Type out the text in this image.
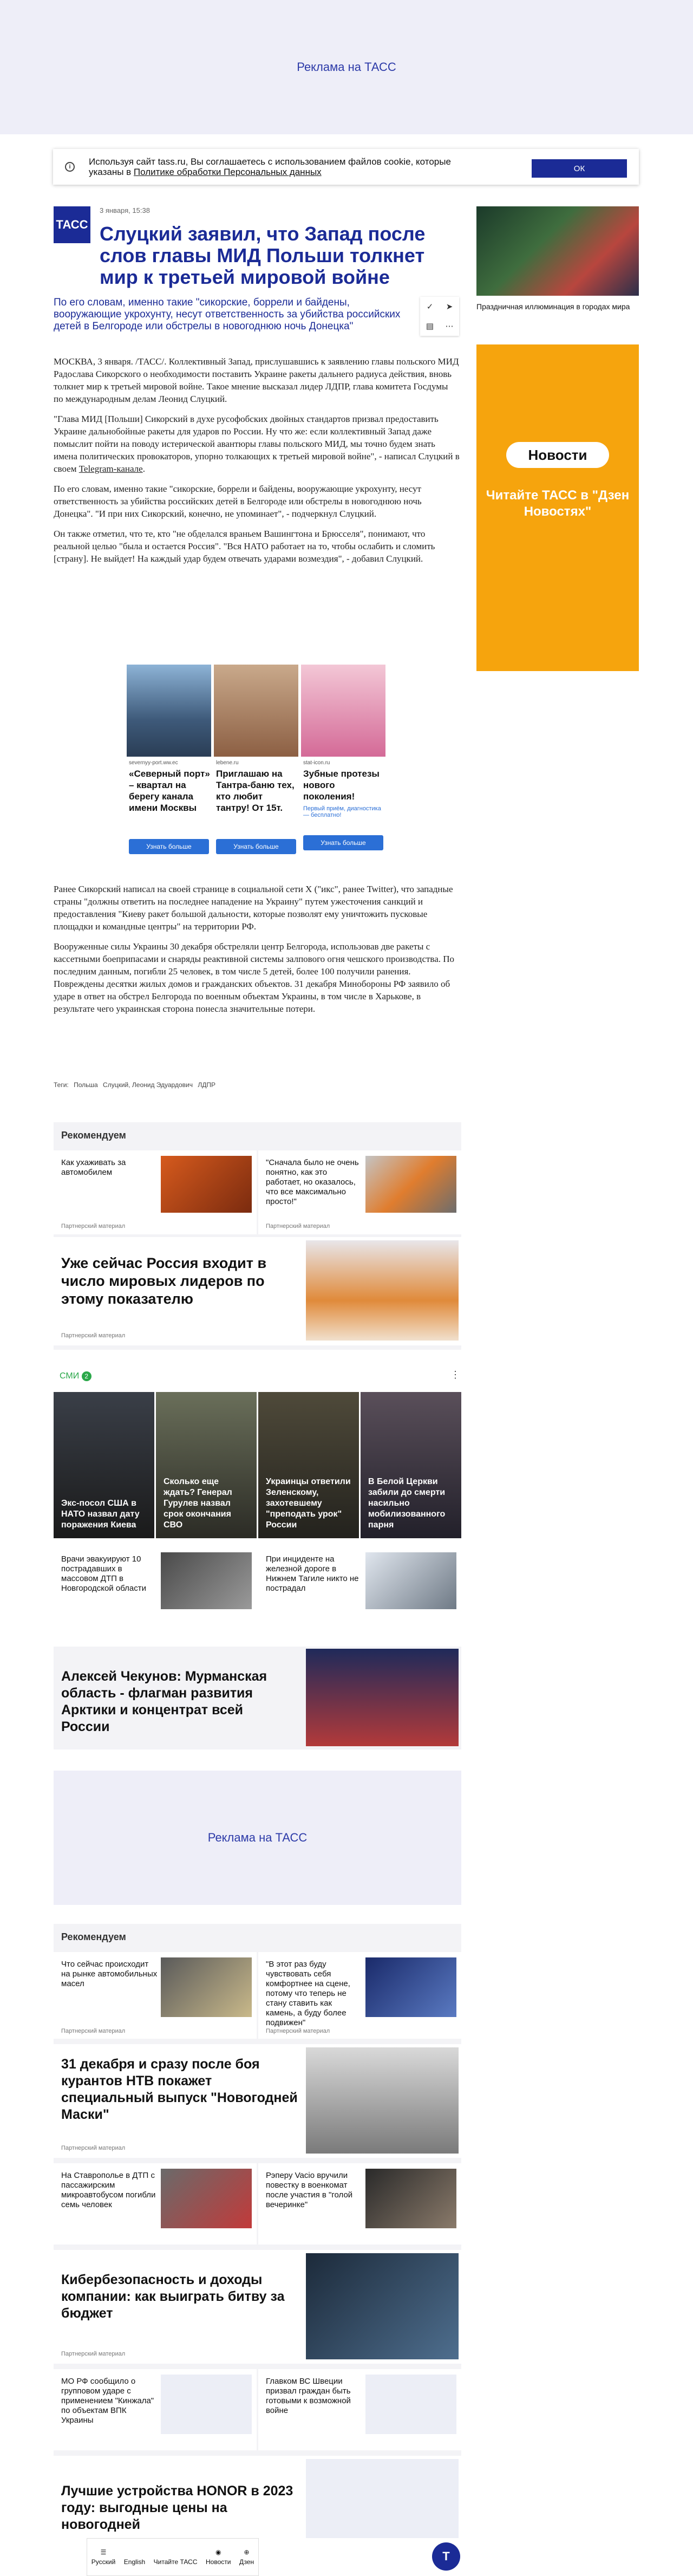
Реклама на ТАСС
i	Используя сайт tass.ru, Вы соглашаетесь с использованием файлов cookie, которые указаны в Политике обработки Персональных данных	ОК
ТАСС
3 января, 15:38
Слуцкий заявил, что Запад после слов главы МИД Польши толкнет мир к третьей мировой войне
✓ ➤
▤ ⋯
По его словам, именно такие "сикорские, боррели и байдены, вооружающие укрохунту, несут ответственность за убийства российских детей в Белгороде или обстрелы в новогоднюю ночь Донецка"

МОСКВА, 3 января. /ТАСС/. Коллективный Запад, прислушавшись к заявлению главы польского МИД Радослава Сикорского о необходимости поставить Украине ракеты дальнего радиуса действия, вновь толкнет мир к третьей мировой войне. Такое мнение высказал лидер ЛДПР, глава комитета Госдумы по международным делам Леонид Слуцкий.

"Глава МИД [Польши] Сикорский в духе русофобских двойных стандартов призвал предоставить Украине дальнобойные ракеты для ударов по России. Ну что же: если коллективный Запад даже помыслит пойти на поводу истерической авантюры главы польского МИД, мы точно будем знать имена политических провокаторов, упорно толкающих к третьей мировой войне", - написал Слуцкий в своем Telegram-канале.

По его словам, именно такие "сикорские, боррели и байдены, вооружающие укрохунту, несут ответственность за убийства российских детей в Белгороде или обстрелы в новогоднюю ночь Донецка". "И при них Сикорский, конечно, не упоминает", - подчеркнул Слуцкий.

Он также отметил, что те, кто "не обделался враньем Вашингтона и Брюсселя", понимают, что реальной целью "была и остается Россия". "Вся НАТО работает на то, чтобы ослабить и сломить [страну]. Не выйдет! На каждый удар будем отвечать ударами возмездия", - добавил Слуцкий.

Праздничная иллюминация в городах мира
Новости
Читайте ТАСС в "Дзен Новостях"
severnyy-port.ww.ec
«Северный порт» – квартал на берегу канала имени Москвы
Узнать больше
lebenе.ru
Приглашаю на Тантра-баню тех, кто любит тантру! От 15т.
Узнать больше
stat-icon.ru
Зубные протезы нового поколения!
Первый приём, диагностика — бесплатно!
Узнать больше

Ранее Сикорский написал на своей странице в социальной сети X ("икс", ранее Twitter), что западные страны "должны ответить на последнее нападение на Украину" путем ужесточения санкций и предоставления "Киеву ракет большой дальности, которые позволят ему уничтожить пусковые площадки и командные центры" на территории РФ.

Вооруженные силы Украины 30 декабря обстреляли центр Белгорода, использовав две ракеты с кассетными боеприпасами и снаряды реактивной системы залпового огня чешского производства. По последним данным, погибли 25 человек, в том числе 5 детей, более 100 получили ранения. Повреждены десятки жилых домов и гражданских объектов. 31 декабря Минобороны РФ заявило об ударе в ответ на обстрел Белгорода по военным объектам Украины, в том числе в Харькове, в результате чего украинская сторона понесла значительные потери.

Теги: Польша Слуцкий, Леонид Эдуардович ЛДПР
Рекомендуем
Как ухаживать за автомобилем
Партнерский материал
"Сначала было не очень понятно, как это работает, но оказалось, что все максимально просто!"
Партнерский материал
Уже сейчас Россия входит в число мировых лидеров по этому показателю
Партнерский материал
СМИ 2	⋮
Экс-посол США в НАТО назвал дату поражения Киева
Сколько еще ждать? Генерал Гурулев назвал срок окончания СВО
Украинцы ответили Зеленскому, захотевшему "преподать урок" России
В Белой Церкви забили до смерти насильно мобилизованного парня
Врачи эвакуируют 10 пострадавших в массовом ДТП в Новгородской области
При инциденте на железной дороге в Нижнем Тагиле никто не пострадал
Алексей Чекунов: Мурманская область - флагман развития Арктики и концентрат всей России
Реклама на ТАСС
Рекомендуем
Что сейчас происходит на рынке автомобильных масел
Партнерский материал
"В этот раз буду чувствовать себя комфортнее на сцене, потому что теперь не стану ставить как камень, а буду более подвижен"
Партнерский материал
31 декабря и сразу после боя курантов НТВ покажет специальный выпуск "Новогодней Маски"
Партнерский материал
На Ставрополье в ДТП с пассажирским микроавтобусом погибли семь человек
Рэперу Vacio вручили повестку в военкомат после участия в "голой вечеринке"
Кибербезопасность и доходы компании: как выиграть битву за бюджет
Партнерский материал
МО РФ сообщило о групповом ударе с применением "Кинжала" по объектам ВПК Украины
Главком ВС Швеции призвал граждан быть готовыми к возможной войне
Лучшие устройства HONOR в 2023 году: выгодные цены на новогодней
☰
Русский English Читайте ТАСС
◉
Новости
⊕
Дзен	Т
